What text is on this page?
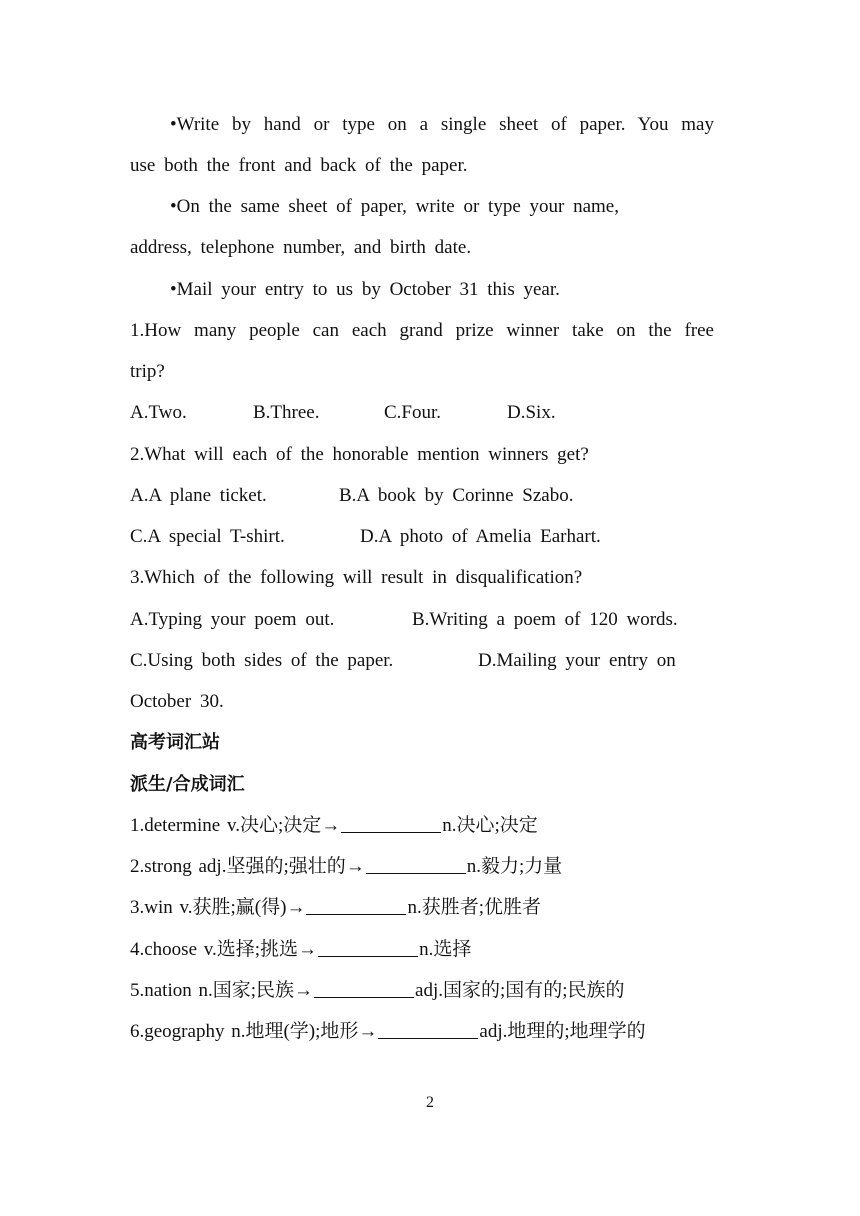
•Write by hand or type on a single sheet of paper. You may
use both the front and back of the paper.
•On the same sheet of paper, write or type your name,
address, telephone number, and birth date.
•Mail your entry to us by October 31 this year.
1.How many people can each grand prize winner take on the free
trip?
A.Two.	B.Three.	C.Four.	D.Six.
2.What will each of the honorable mention winners get?
A.A plane ticket.	B.A book by Corinne Szabo.
C.A special T-shirt.	D.A photo of Amelia Earhart.
3.Which of the following will result in disqualification?
A.Typing your poem out.	B.Writing a poem of 120 words.
C.Using both sides of the paper.	D.Mailing your entry on
October 30.
高考词汇站
派生/合成词汇
1.determine v.决心;决定→	n.决心;决定
2.strong adj.坚强的;强壮的→	n.毅力;力量
3.win v.获胜;赢(得)→	n.获胜者;优胜者
4.choose v.选择;挑选→	n.选择
5.nation n.国家;民族→	adj.国家的;国有的;民族的
6.geography n.地理(学);地形→	adj.地理的;地理学的
2
